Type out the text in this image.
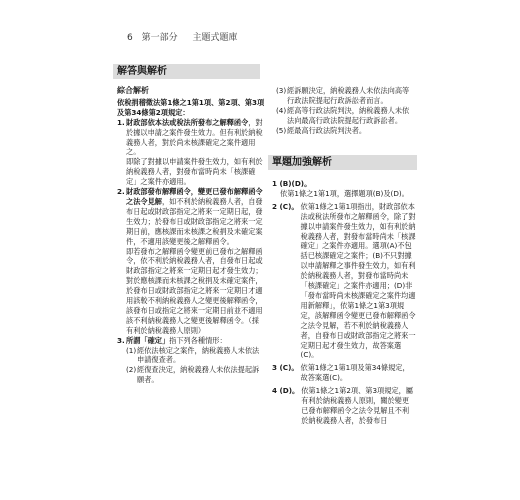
6 第一部分 主題式題庫
解答與解析
綜合解析

依稅捐稽徵法第1條之1第1項、第2項、第3項及第34條第2項規定：

1. 財政部依本法或稅法所發布之解釋函令，對於據以申請之案件發生效力。但有利於納稅義務人者，對於尚未核課確定之案件適用之。

即除了對據以申請案件發生效力，如有利於納稅義務人者，對發布當時尚未「核課確定」之案件亦適用。

2. 財政部發布解釋函令，變更已發布解釋函令之法令見解，如不利於納稅義務人者，自發布日起或財政部指定之將來一定期日起，發生效力；於發布日或財政部指定之將來一定期日前，應核課而未核課之稅捐及未確定案件，不適用該變更後之解釋函令。

即若發布之解釋函令變更前已發布之解釋函令，依不利於納稅義務人者，自發布日起或財政部指定之將來一定期日起才發生效力；對於應核課而未核課之稅捐及未確定案件，於發布日或財政部指定之將來一定期日才適用該較不利納稅義務人之變更後解釋函令，該發布日或指定之將來一定期日前並不適用該不利納稅義務人之變更後解釋函令。（採有利於納稅義務人原則）

3. 所謂「確定」指下列各種情形：

(1) 經依法核定之案件，納稅義務人未依法申請復查者。
(2) 經復查決定，納稅義務人未依法提起訴願者。
(3) 經訴願決定，納稅義務人未依法向高等行政法院提起行政訴訟者而言。
(4) 經高等行政法院判決，納稅義務人未依法向最高行政法院提起行政訴訟者。
(5) 經最高行政法院判決者。
單題加強解析
1 (B)(D)。

依第1條之1第1項，選擇題項(B)及(D)。

2 (C)。 依第1條之1第1項指出，財政部依本法或稅法所發布之解釋函令，除了對據以申請案件發生效力，如有利於納稅義務人者，對發布當時尚未「核課確定」之案件亦適用。選項(A)不包括已核課確定之案件；(B)不只對據以申請解釋之事件發生效力，如有利於納稅義務人者，對發布當時尚未「核課確定」之案件亦適用；(D)非「發布當時尚未核課確定之案件均適用新解釋」，依第1條之1第3項規定，該解釋函令變更已發布解釋函令之法令見解，若不利於納稅義務人者，自發布日或財政部指定之將來一定期日起才發生效力，故答案選(C)。
3 (C)。 依第1條之1第1項及第34條規定，故答案選(C)。
4 (D)。 依第1條之1第2項、第3項規定，屬有利於納稅義務人原則，關於變更已發布解釋函令之法令見解且不利於納稅義務人者，於發布日
